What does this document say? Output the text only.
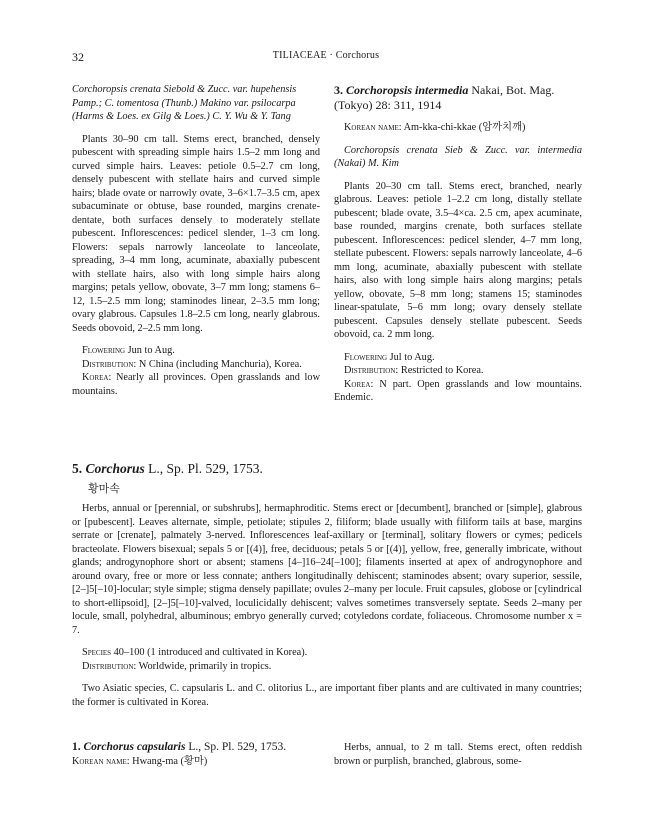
32	TILIACEAE · Corchorus

Corchoropsis crenata Siebold & Zucc. var. hupehensis
Pamp.; C. tomentosa (Thunb.) Makino var. psilocarpa
(Harms & Loes. ex Gilg & Loes.) C. Y. Wu & Y. Tang

Plants 30–90 cm tall. Stems erect, branched, densely pubescent with spreading simple hairs 1.5–2 mm long and curved simple hairs. Leaves: petiole 0.5–2.7 cm long, densely pubescent with stellate hairs and curved simple hairs; blade ovate or narrowly ovate, 3–6×1.7–3.5 cm, apex subacuminate or obtuse, base rounded, margins crenate-dentate, both surfaces densely to moderately stellate pubescent. Inflorescences: pedicel slender, 1–3 cm long. Flowers: sepals narrowly lanceolate to lanceolate, spreading, 3–4 mm long, acuminate, abaxially pubescent with stellate hairs, also with long simple hairs along margins; petals yellow, obovate, 3–7 mm long; stamens 6–12, 1.5–2.5 mm long; staminodes linear, 2–3.5 mm long; ovary glabrous. Capsules 1.8–2.5 cm long, nearly glabrous. Seeds obovoid, 2–2.5 mm long.

Flowering Jun to Aug.

Distribution: N China (including Manchuria), Korea.

Korea: Nearly all provinces. Open grasslands and low mountains.

3. Corchoropsis intermedia Nakai, Bot. Mag. (Tokyo) 28: 311, 1914

Korean name: Am-kka-chi-kkae (암까치깨)

Corchoropsis crenata Sieb & Zucc. var. intermedia (Nakai) M. Kim

Plants 20–30 cm tall. Stems erect, branched, nearly glabrous. Leaves: petiole 1–2.2 cm long, distally stellate pubescent; blade ovate, 3.5–4×ca. 2.5 cm, apex acuminate, base rounded, margins crenate, both surfaces stellate pubescent. Inflorescences: pedicel slender, 4–7 mm long, stellate pubescent. Flowers: sepals narrowly lanceolate, 4–6 mm long, acuminate, abaxially pubescent with stellate hairs, also with long simple hairs along margins; petals yellow, obovate, 5–8 mm long; stamens 15; staminodes linear-spatulate, 5–6 mm long; ovary densely stellate pubescent. Capsules densely stellate pubescent. Seeds obovoid, ca. 2 mm long.

Flowering Jul to Aug.

Distribution: Restricted to Korea.

Korea: N part. Open grasslands and low mountains. Endemic.

5. Corchorus L., Sp. Pl. 529, 1753.
황마속

Herbs, annual or [perennial, or subshrubs], hermaphroditic. Stems erect or [decumbent], branched or [simple], glabrous or [pubescent]. Leaves alternate, simple, petiolate; stipules 2, filiform; blade usually with filiform tails at base, margins serrate or [crenate], palmately 3-nerved. Inflorescences leaf-axillary or [terminal], solitary flowers or cymes; pedicels bracteolate. Flowers bisexual; sepals 5 or [(4)], free, deciduous; petals 5 or [(4)], yellow, free, generally imbricate, without glands; androgynophore short or absent; stamens [4–]16–24[–100]; filaments inserted at apex of androgynophore and around ovary, free or more or less connate; anthers longitudinally dehiscent; staminodes absent; ovary superior, sessile, [2–]5[–10]-locular; style simple; stigma densely papillate; ovules 2–many per locule. Fruit capsules, globose or [cylindrical to short-ellipsoid], [2–]5[–10]-valved, loculicidally dehiscent; valves sometimes transversely septate. Seeds 2–many per locule, small, polyhedral, albuminous; embryo generally curved; cotyledons cordate, foliaceous. Chromosome number x = 7.

Species 40–100 (1 introduced and cultivated in Korea).

Distribution: Worldwide, primarily in tropics.

Two Asiatic species, C. capsularis L. and C. olitorius L., are important fiber plants and are cultivated in many countries; the former is cultivated in Korea.

1. Corchorus capsularis L., Sp. Pl. 529, 1753.
Korean name: Hwang-ma (황마)

Herbs, annual, to 2 m tall. Stems erect, often reddish brown or purplish, branched, glabrous, some-
